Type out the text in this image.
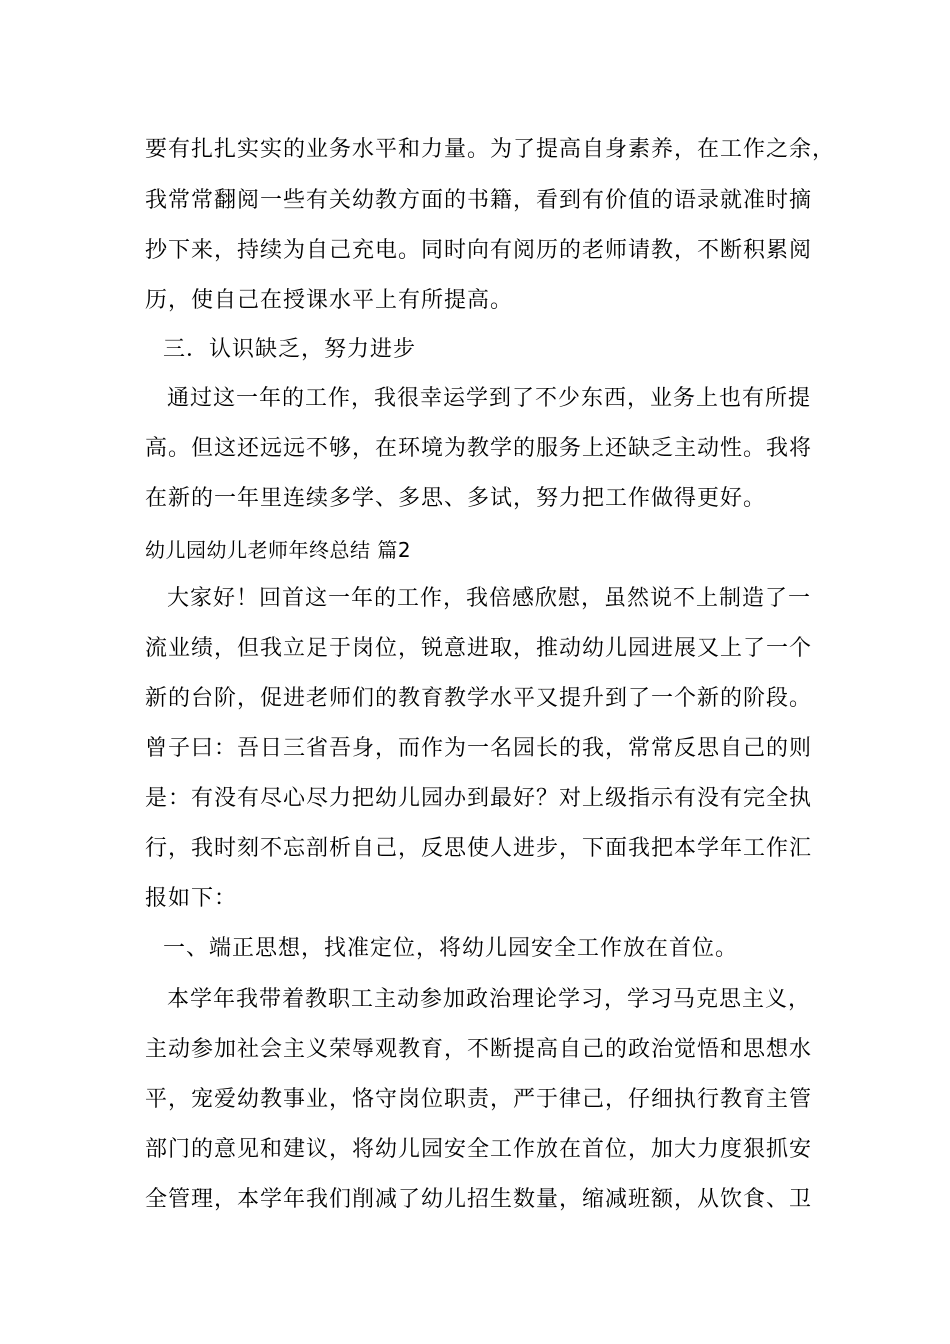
要有扎扎实实的业务水平和力量。为了提高自身素养，在工作之余，

我常常翻阅一些有关幼教方面的书籍，看到有价值的语录就准时摘

抄下来，持续为自己充电。同时向有阅历的老师请教，不断积累阅

历，使自己在授课水平上有所提高。

三．认识缺乏，努力进步

通过这一年的工作，我很幸运学到了不少东西，业务上也有所提

高。但这还远远不够，在环境为教学的服务上还缺乏主动性。我将

在新的一年里连续多学、多思、多试，努力把工作做得更好。

幼儿园幼儿老师年终总结 篇2

大家好！回首这一年的工作，我倍感欣慰，虽然说不上制造了一

流业绩，但我立足于岗位，锐意进取，推动幼儿园进展又上了一个

新的台阶，促进老师们的教育教学水平又提升到了一个新的阶段。

曾子曰：吾日三省吾身，而作为一名园长的我，常常反思自己的则

是：有没有尽心尽力把幼儿园办到最好？对上级指示有没有完全执

行，我时刻不忘剖析自己，反思使人进步，下面我把本学年工作汇

报如下：

一、端正思想，找准定位，将幼儿园安全工作放在首位。

本学年我带着教职工主动参加政治理论学习，学习马克思主义，

主动参加社会主义荣辱观教育，不断提高自己的政治觉悟和思想水

平，宠爱幼教事业，恪守岗位职责，严于律己，仔细执行教育主管

部门的意见和建议，将幼儿园安全工作放在首位，加大力度狠抓安

全管理，本学年我们削减了幼儿招生数量，缩减班额，从饮食、卫
